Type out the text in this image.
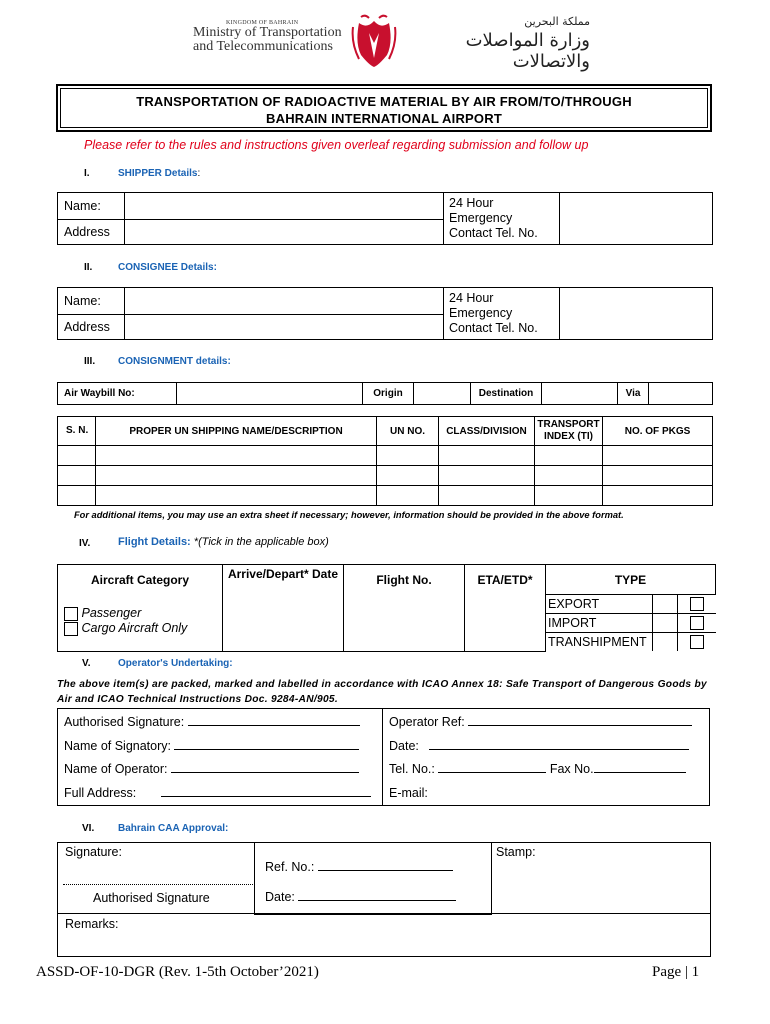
KINGDOM OF BAHRAIN
Ministry of Transportation
and Telecommunications
مملكة البحرين
وزارة المواصلات والاتصالات
TRANSPORTATION OF RADIOACTIVE MATERIAL BY AIR FROM/TO/THROUGH
BAHRAIN INTERNATIONAL AIRPORT
Please refer to the rules and instructions given overleaf regarding submission and follow up
I.	SHIPPER Details:
Name:		24 Hour Emergency Contact Tel. No.	
Address			
II.	CONSIGNEE Details:
Name:		24 Hour Emergency Contact Tel. No.	
Address			
III. CONSIGNMENT details:
Air Waybill No:		Origin		Destination		Via	
S. N.	PROPER UN SHIPPING NAME/DESCRIPTION	UN NO.	CLASS/DIVISION	TRANSPORT INDEX (TI)	NO. OF PKGS

For additional items, you may use an extra sheet if necessary; however, information should be provided in the above format.
IV.	Flight Details: *(Tick in the applicable box)
Aircraft Category	Arrive/Depart* Date	Flight No.	ETA/ETD*	TYPE

Passenger
Cargo Aircraft Only

EXPORT		
IMPORT		
TRANSHIPMENT		
V.	Operator's Undertaking:
The above item(s) are packed, marked and labelled in accordance with ICAO Annex 18: Safe Transport of Dangerous Goods by Air and ICAO Technical Instructions Doc. 9284-AN/905.
Authorised Signature:	Operator Ref:
Name of Signatory:	Date:
Name of Operator:	Tel. No.: Fax No.
Full Address:	E-mail:
VI. Bahrain CAA Approval:
Signature:
Authorised Signature
Ref. No.:
Date:
Stamp:
Remarks:
ASSD-OF-10-DGR (Rev. 1-5th October’2021)	Page | 1
